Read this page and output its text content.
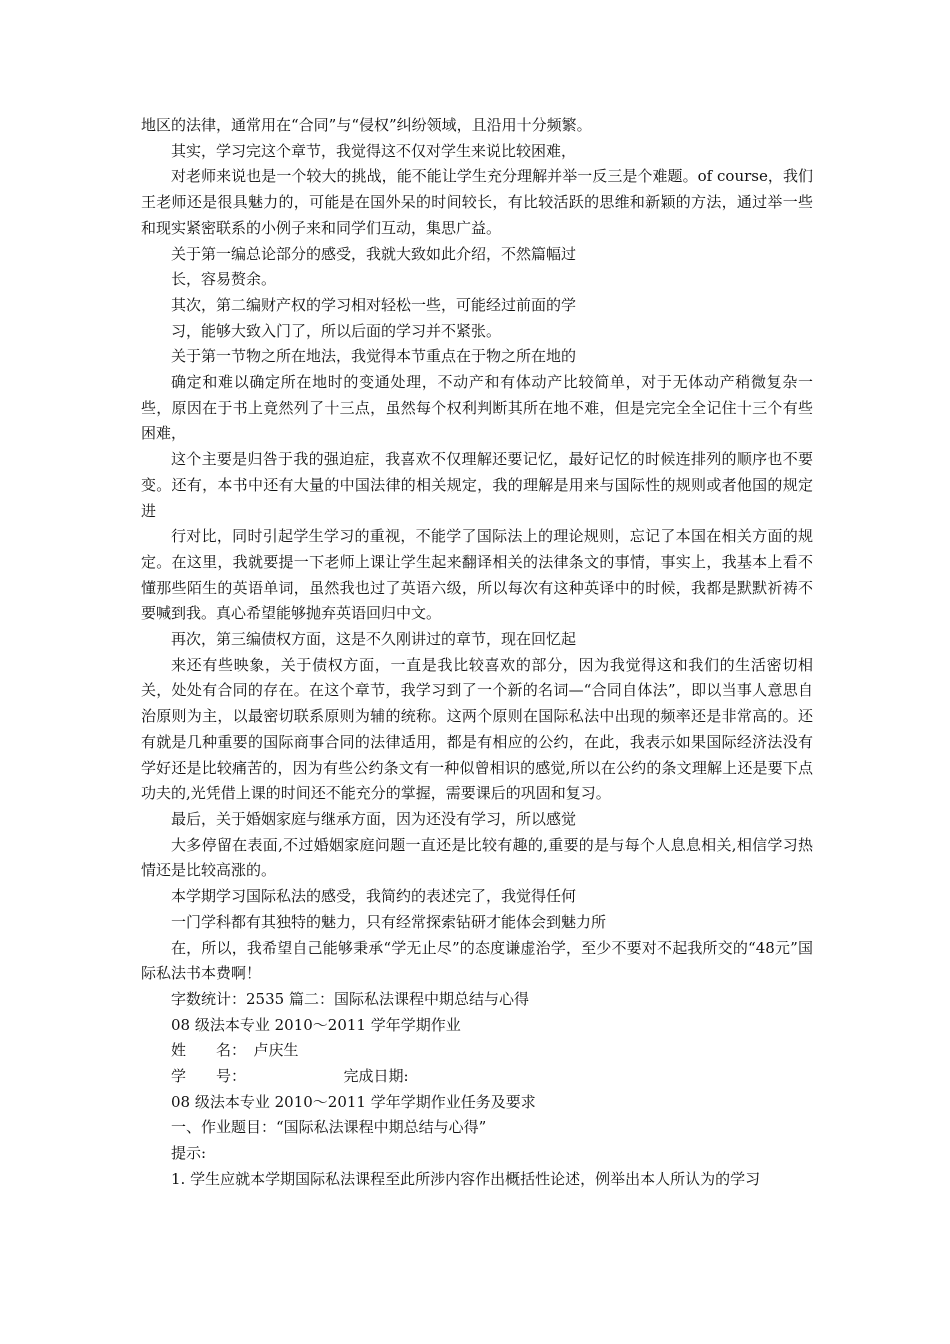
地区的法律，通常用在“合同”与“侵权”纠纷领域，且沿用十分频繁。

其实，学习完这个章节，我觉得这不仅对学生来说比较困难，

对老师来说也是一个较大的挑战，能不能让学生充分理解并举一反三是个难题。of course，我们王老师还是很具魅力的，可能是在国外呆的时间较长，有比较活跃的思维和新颖的方法，通过举一些和现实紧密联系的小例子来和同学们互动，集思广益。

关于第一编总论部分的感受，我就大致如此介绍，不然篇幅过

长，容易赘余。

其次，第二编财产权的学习相对轻松一些，可能经过前面的学

习，能够大致入门了，所以后面的学习并不紧张。

关于第一节物之所在地法，我觉得本节重点在于物之所在地的

确定和难以确定所在地时的变通处理，不动产和有体动产比较简单，对于无体动产稍微复杂一些，原因在于书上竟然列了十三点，虽然每个权利判断其所在地不难，但是完完全全记住十三个有些困难，

这个主要是归咎于我的强迫症，我喜欢不仅理解还要记忆，最好记忆的时候连排列的顺序也不要变。还有，本书中还有大量的中国法律的相关规定，我的理解是用来与国际性的规则或者他国的规定进

行对比，同时引起学生学习的重视，不能学了国际法上的理论规则，忘记了本国在相关方面的规定。在这里，我就要提一下老师上课让学生起来翻译相关的法律条文的事情，事实上，我基本上看不懂那些陌生的英语单词，虽然我也过了英语六级，所以每次有这种英译中的时候，我都是默默祈祷不要喊到我。真心希望能够抛弃英语回归中文。

再次，第三编债权方面，这是不久刚讲过的章节，现在回忆起

来还有些映象，关于债权方面，一直是我比较喜欢的部分，因为我觉得这和我们的生活密切相关，处处有合同的存在。在这个章节，我学习到了一个新的名词—“合同自体法”，即以当事人意思自治原则为主，以最密切联系原则为辅的统称。这两个原则在国际私法中出现的频率还是非常高的。还有就是几种重要的国际商事合同的法律适用，都是有相应的公约，在此，我表示如果国际经济法没有学好还是比较痛苦的，因为有些公约条文有一种似曾相识的感觉,所以在公约的条文理解上还是要下点功夫的,光凭借上课的时间还不能充分的掌握，需要课后的巩固和复习。

最后，关于婚姻家庭与继承方面，因为还没有学习，所以感觉

大多停留在表面,不过婚姻家庭问题一直还是比较有趣的,重要的是与每个人息息相关,相信学习热情还是比较高涨的。

本学期学习国际私法的感受，我简约的表述完了，我觉得任何

一门学科都有其独特的魅力，只有经常探索钻研才能体会到魅力所

在，所以，我希望自己能够秉承“学无止尽”的态度谦虚治学，至少不要对不起我所交的“48元”国际私法书本费啊！

字数统计：2535 篇二：国际私法课程中期总结与心得

08 级法本专业 2010～2011 学年学期作业

姓　　名：　卢庆生

学　　号：　　　　　　　完成日期:

08 级法本专业 2010～2011 学年学期作业任务及要求

一、作业题目：“国际私法课程中期总结与心得”

提示:

1. 学生应就本学期国际私法课程至此所涉内容作出概括性论述，例举出本人所认为的学习
